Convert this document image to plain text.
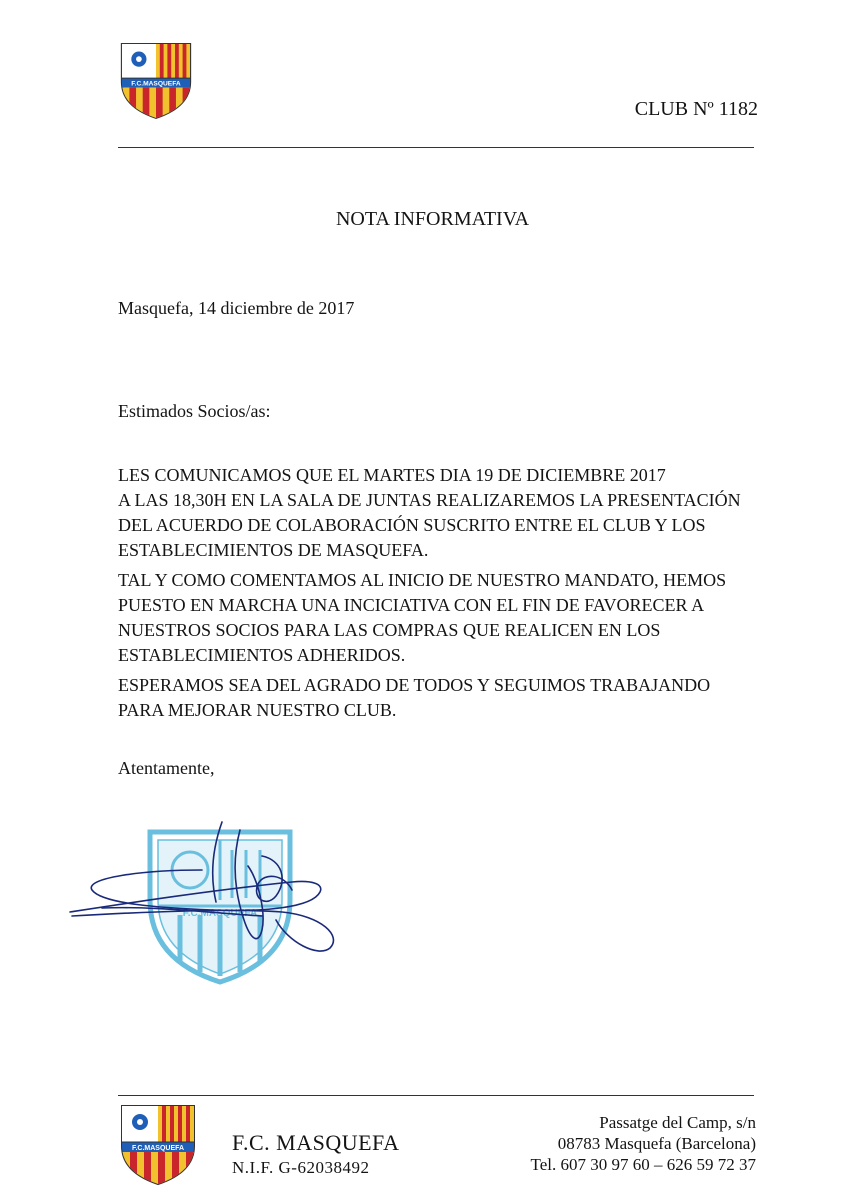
F.C.MASQUEFA
CLUB Nº 1182
NOTA INFORMATIVA
Masquefa, 14 diciembre de 2017
Estimados Socios/as:
LES COMUNICAMOS QUE EL MARTES DIA 19 DE DICIEMBRE 2017
A LAS 18,30H EN LA SALA DE JUNTAS REALIZAREMOS LA PRESENTACIÓN
DEL ACUERDO DE COLABORACIÓN SUSCRITO ENTRE EL CLUB Y LOS
ESTABLECIMIENTOS DE MASQUEFA.
TAL Y COMO COMENTAMOS AL INICIO DE NUESTRO MANDATO, HEMOS
PUESTO EN MARCHA UNA INCICIATIVA CON EL FIN DE FAVORECER A
NUESTROS SOCIOS PARA LAS COMPRAS QUE REALICEN EN LOS
ESTABLECIMIENTOS ADHERIDOS.
ESPERAMOS SEA DEL AGRADO DE TODOS Y SEGUIMOS TRABAJANDO
PARA MEJORAR NUESTRO CLUB.
Atentamente,
F.C.MASQUEFA
F.C.MASQUEFA F.C. MASQUEFA
N.I.F. G-62038492
Passatge del Camp, s/n
08783 Masquefa (Barcelona)
Tel. 607 30 97 60 – 626 59 72 37
